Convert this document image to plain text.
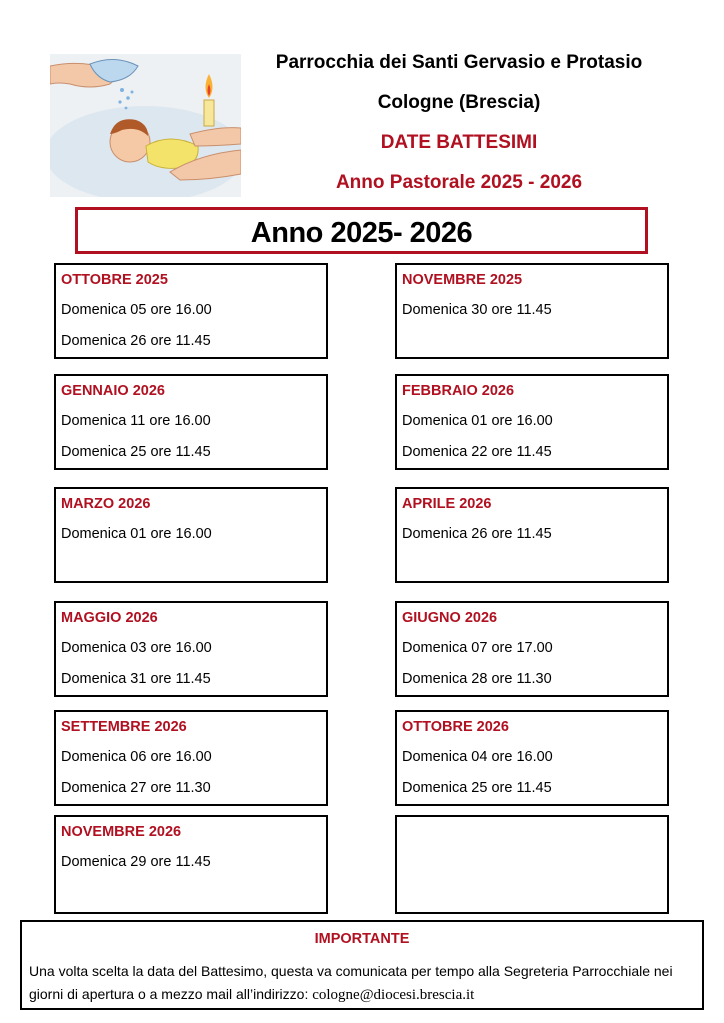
Parrocchia dei Santi Gervasio e Protasio
Cologne (Brescia)
DATE BATTESIMI
Anno Pastorale 2025 - 2026
Anno 2025- 2026
OTTOBRE 2025
Domenica 05 ore 16.00
Domenica 26 ore 11.45
NOVEMBRE 2025
Domenica 30 ore 11.45
GENNAIO 2026
Domenica 11 ore 16.00
Domenica 25 ore 11.45
FEBBRAIO 2026
Domenica 01 ore 16.00
Domenica 22 ore 11.45
MARZO 2026
Domenica 01 ore 16.00
APRILE 2026
Domenica 26 ore 11.45
MAGGIO 2026
Domenica 03 ore 16.00
Domenica 31 ore 11.45
GIUGNO 2026
Domenica 07 ore 17.00
Domenica 28 ore 11.30
SETTEMBRE 2026
Domenica 06 ore 16.00
Domenica 27 ore 11.30
OTTOBRE 2026
Domenica 04 ore 16.00
Domenica 25 ore 11.45
NOVEMBRE 2026
Domenica 29 ore 11.45
IMPORTANTE
Una volta scelta la data del Battesimo, questa va comunicata per tempo alla Segreteria Parrocchiale nei giorni di apertura o a mezzo mail all’indirizzo: cologne@diocesi.brescia.it
